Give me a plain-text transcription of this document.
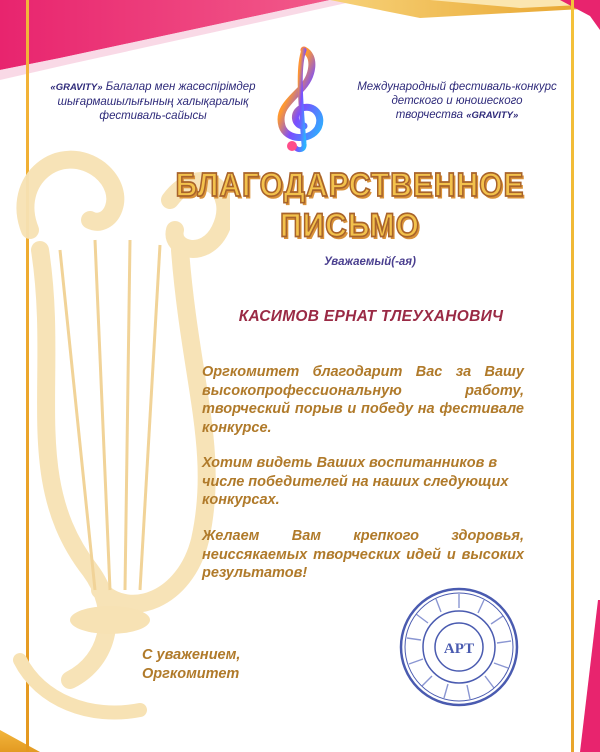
«GRAVITY» Балалар мен жасөспірімдер
шығармашылығының халықаралық
фестиваль-сайысы
Международный фестиваль-конкурс
детского и юношеского
творчества «GRAVITY»
БЛАГОДАРСТВЕННОЕ
ПИСЬМО
Уважаемый(-ая)
КАСИМОВ ЕРНАТ ТЛЕУХАНОВИЧ
Оргкомитет благодарит Вас за Вашу высокопрофессиональную работу, творческий порыв и победу на фестивале конкурсе.
Хотим видеть Ваших воспитанников в числе победителей на наших следующих конкурсах.
Желаем Вам крепкого здоровья, неиссякаемых творческих идей и высоких результатов!
С уважением,
Оргкомитет
АРТ
